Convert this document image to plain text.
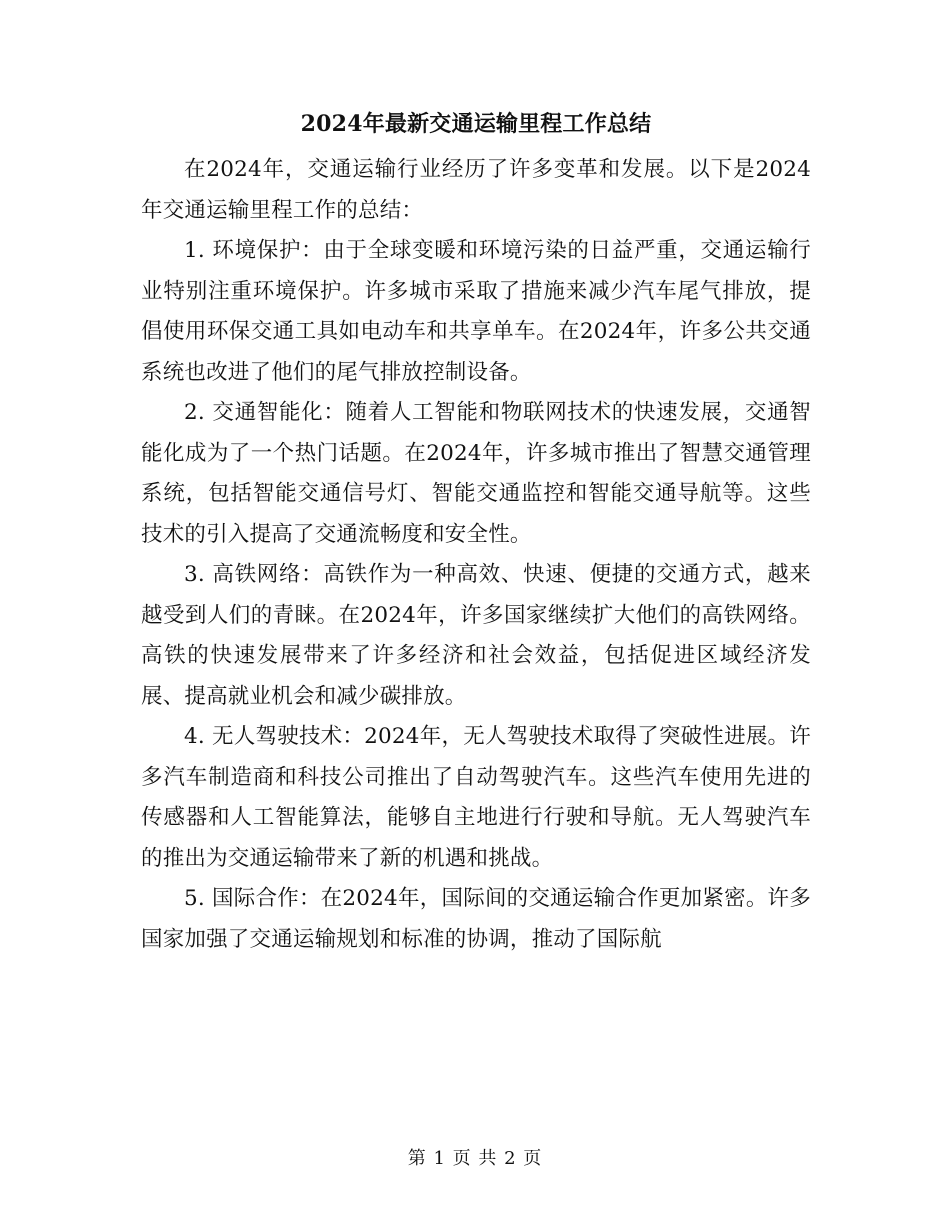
2024年最新交通运输里程工作总结

在2024年，交通运输行业经历了许多变革和发展。以下是2024年交通运输里程工作的总结：

1. 环境保护：由于全球变暖和环境污染的日益严重，交通运输行业特别注重环境保护。许多城市采取了措施来减少汽车尾气排放，提倡使用环保交通工具如电动车和共享单车。在2024年，许多公共交通系统也改进了他们的尾气排放控制设备。

2. 交通智能化：随着人工智能和物联网技术的快速发展，交通智能化成为了一个热门话题。在2024年，许多城市推出了智慧交通管理系统，包括智能交通信号灯、智能交通监控和智能交通导航等。这些技术的引入提高了交通流畅度和安全性。

3. 高铁网络：高铁作为一种高效、快速、便捷的交通方式，越来越受到人们的青睐。在2024年，许多国家继续扩大他们的高铁网络。高铁的快速发展带来了许多经济和社会效益，包括促进区域经济发展、提高就业机会和减少碳排放。

4. 无人驾驶技术：2024年，无人驾驶技术取得了突破性进展。许多汽车制造商和科技公司推出了自动驾驶汽车。这些汽车使用先进的传感器和人工智能算法，能够自主地进行行驶和导航。无人驾驶汽车的推出为交通运输带来了新的机遇和挑战。

5. 国际合作：在2024年，国际间的交通运输合作更加紧密。许多国家加强了交通运输规划和标准的协调，推动了国际航

第 1 页 共 2 页
